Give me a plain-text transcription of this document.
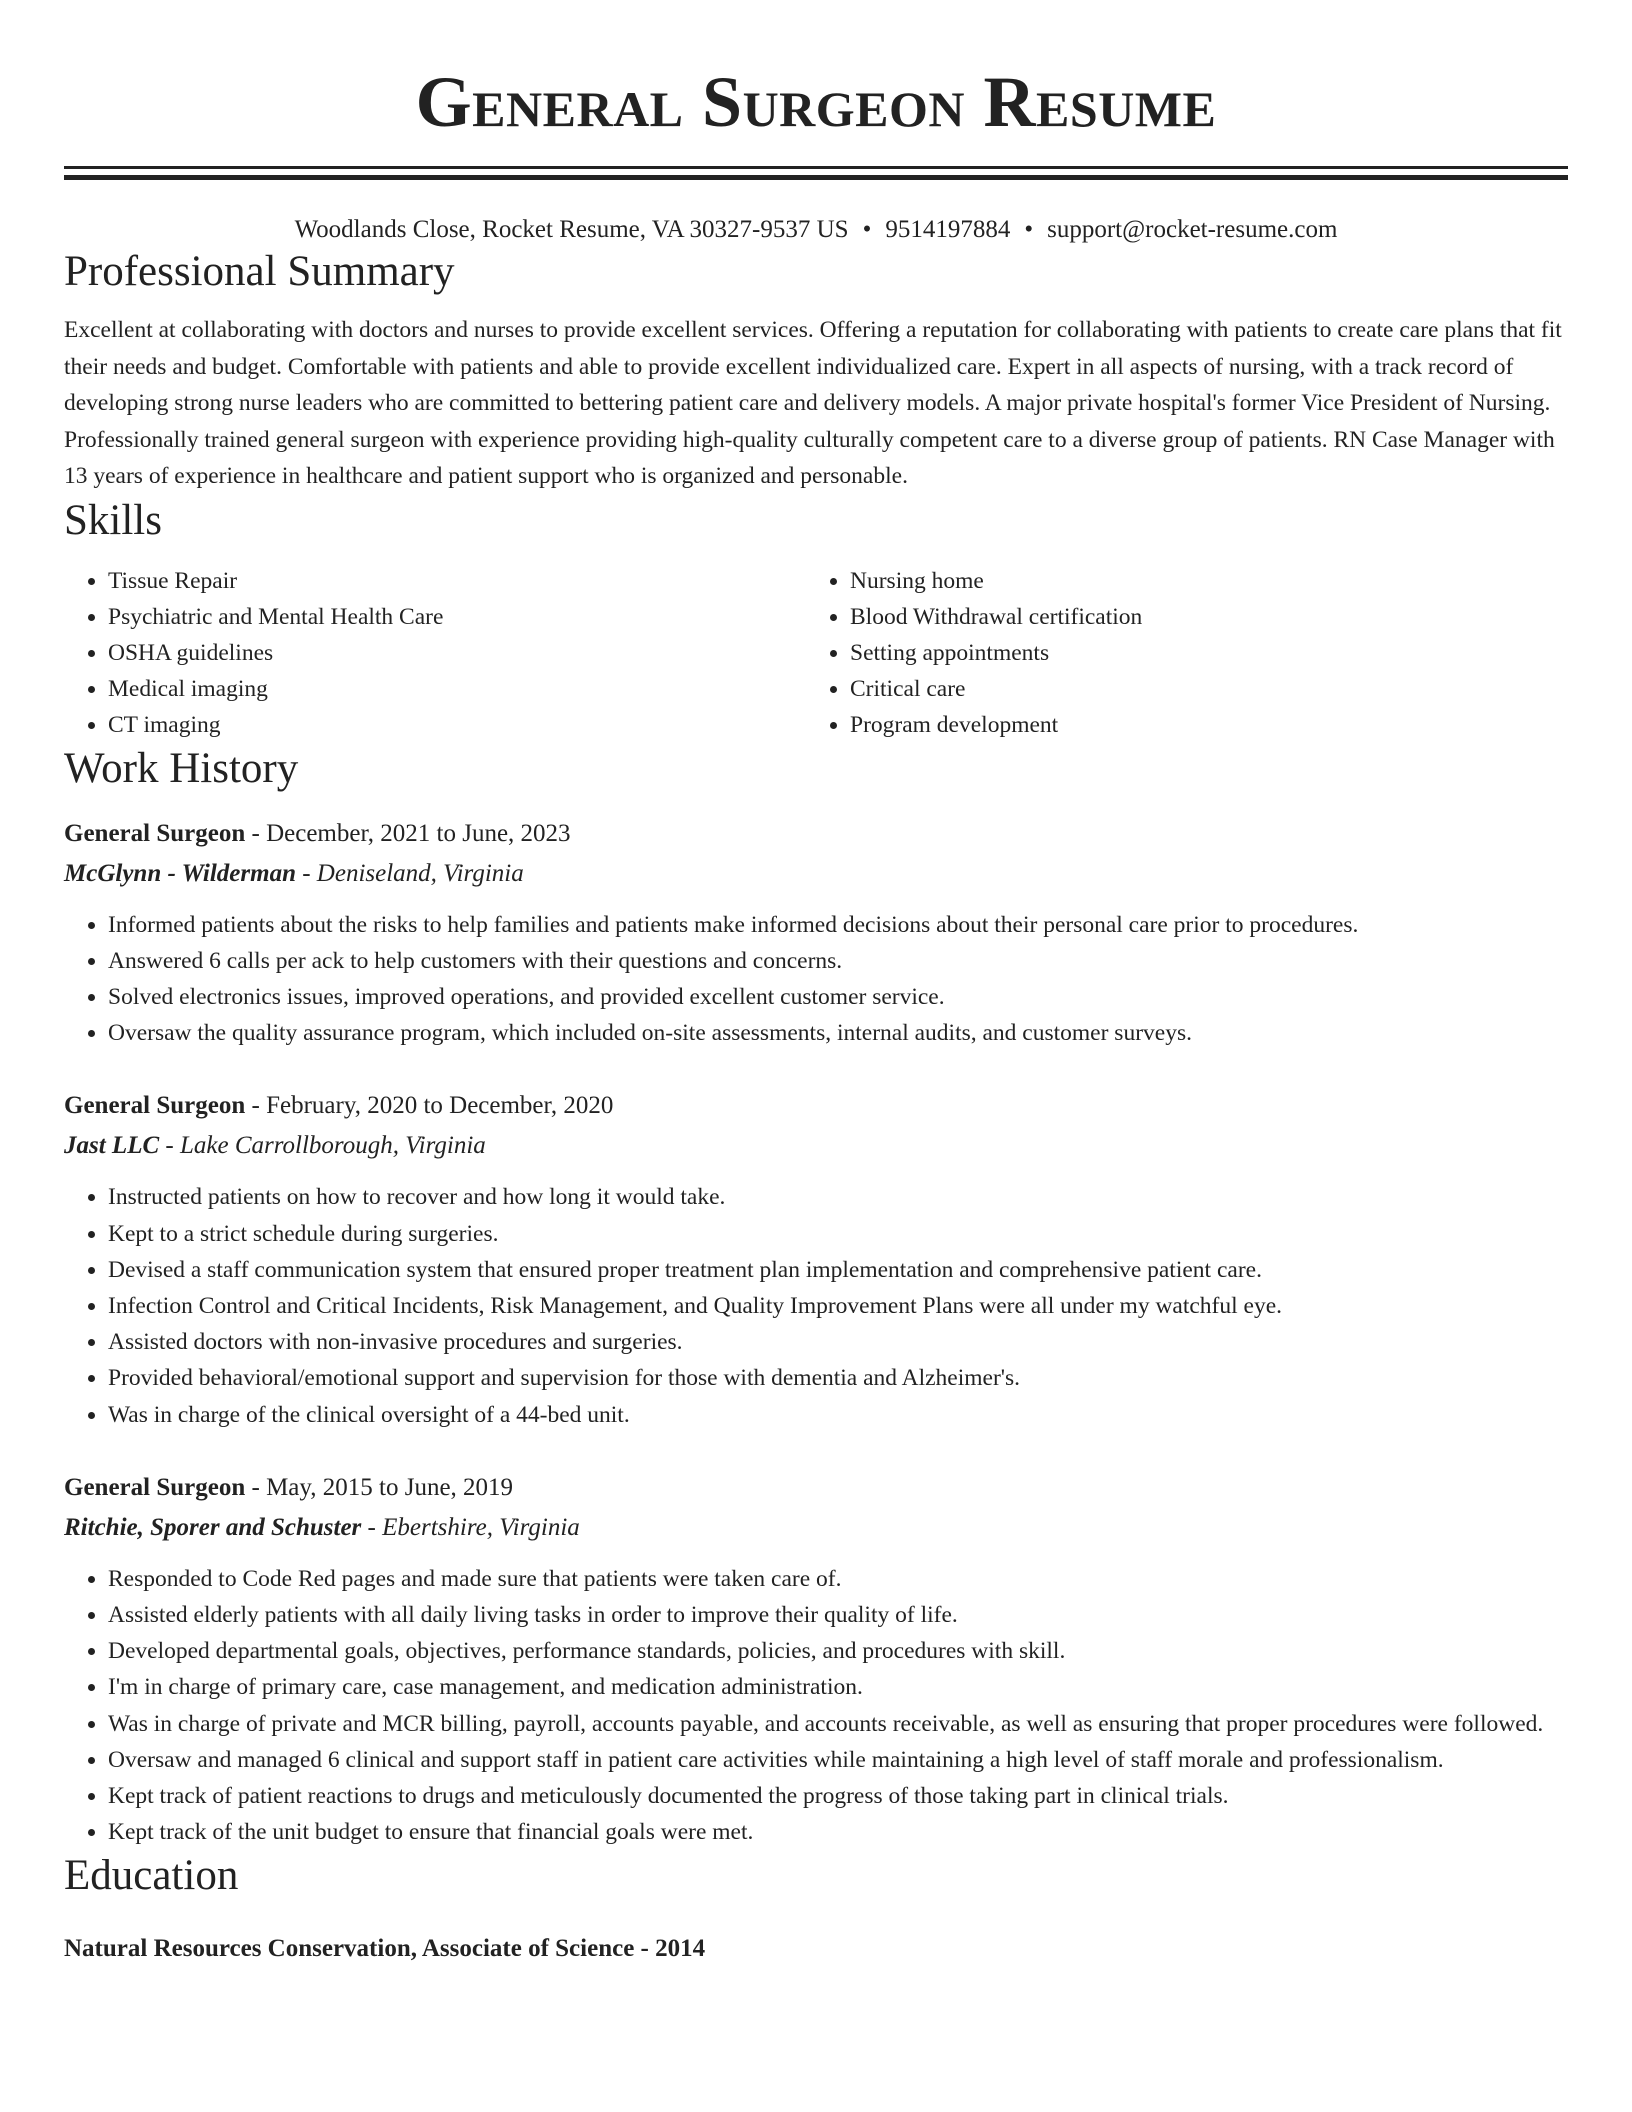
General Surgeon Resume
Woodlands Close, Rocket Resume, VA 30327-9537 US • 9514197884 • support@rocket-resume.com
Professional Summary
Excellent at collaborating with doctors and nurses to provide excellent services. Offering a reputation for collaborating with patients to create care plans that fit their needs and budget. Comfortable with patients and able to provide excellent individualized care. Expert in all aspects of nursing, with a track record of developing strong nurse leaders who are committed to bettering patient care and delivery models. A major private hospital's former Vice President of Nursing. Professionally trained general surgeon with experience providing high-quality culturally competent care to a diverse group of patients. RN Case Manager with 13 years of experience in healthcare and patient support who is organized and personable.
Skills
• Tissue Repair
• Psychiatric and Mental Health Care
• OSHA guidelines
• Medical imaging
• CT imaging
• Nursing home
• Blood Withdrawal certification
• Setting appointments
• Critical care
• Program development
Work History
General Surgeon - December, 2021 to June, 2023
McGlynn - Wilderman - Deniseland, Virginia
• Informed patients about the risks to help families and patients make informed decisions about their personal care prior to procedures.
• Answered 6 calls per ack to help customers with their questions and concerns.
• Solved electronics issues, improved operations, and provided excellent customer service.
• Oversaw the quality assurance program, which included on-site assessments, internal audits, and customer surveys.
General Surgeon - February, 2020 to December, 2020
Jast LLC - Lake Carrollborough, Virginia
• Instructed patients on how to recover and how long it would take.
• Kept to a strict schedule during surgeries.
• Devised a staff communication system that ensured proper treatment plan implementation and comprehensive patient care.
• Infection Control and Critical Incidents, Risk Management, and Quality Improvement Plans were all under my watchful eye.
• Assisted doctors with non-invasive procedures and surgeries.
• Provided behavioral/emotional support and supervision for those with dementia and Alzheimer's.
• Was in charge of the clinical oversight of a 44-bed unit.
General Surgeon - May, 2015 to June, 2019
Ritchie, Sporer and Schuster - Ebertshire, Virginia
• Responded to Code Red pages and made sure that patients were taken care of.
• Assisted elderly patients with all daily living tasks in order to improve their quality of life.
• Developed departmental goals, objectives, performance standards, policies, and procedures with skill.
• I'm in charge of primary care, case management, and medication administration.
• Was in charge of private and MCR billing, payroll, accounts payable, and accounts receivable, as well as ensuring that proper procedures were followed.
• Oversaw and managed 6 clinical and support staff in patient care activities while maintaining a high level of staff morale and professionalism.
• Kept track of patient reactions to drugs and meticulously documented the progress of those taking part in clinical trials.
• Kept track of the unit budget to ensure that financial goals were met.
Education
Natural Resources Conservation, Associate of Science - 2014
